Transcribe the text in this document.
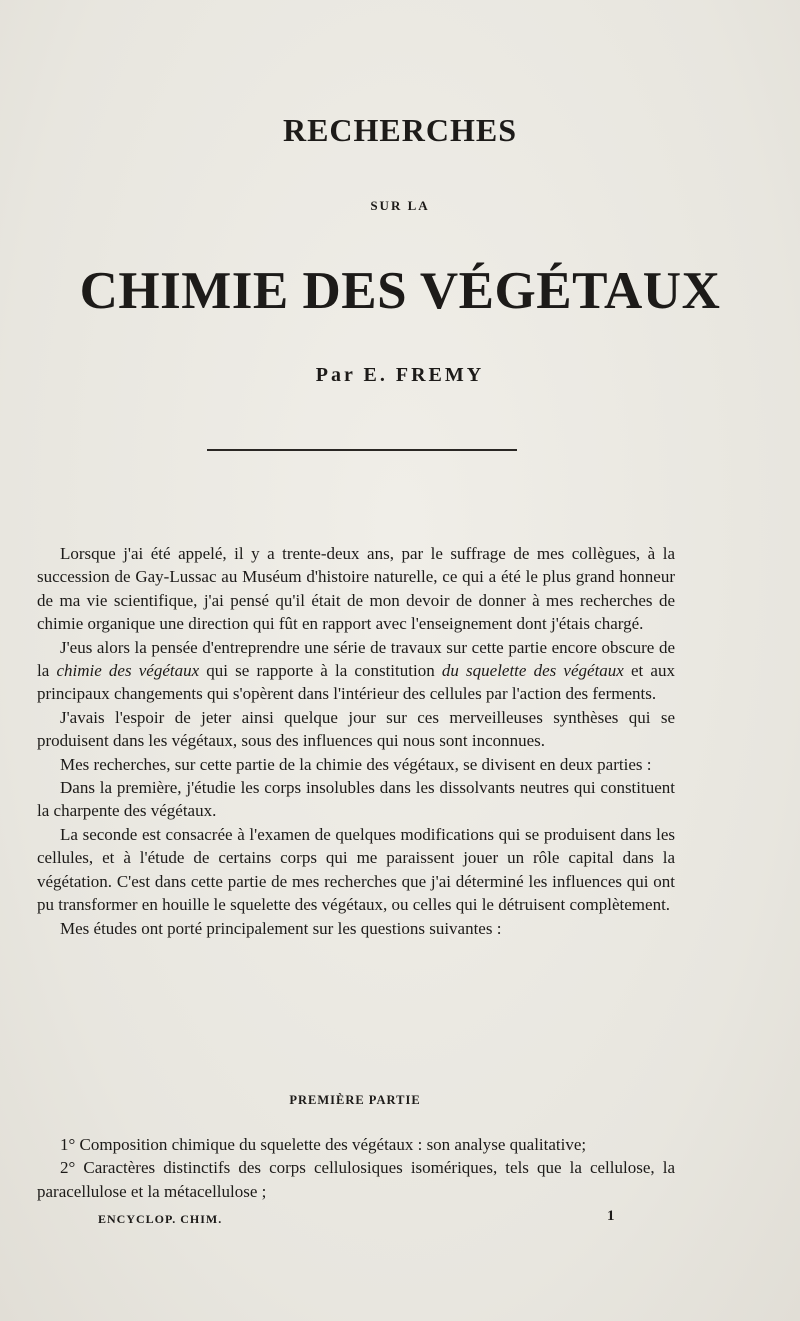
RECHERCHES
SUR LA
CHIMIE DES VÉGÉTAUX
Par E. FREMY

Lorsque j'ai été appelé, il y a trente-deux ans, par le suffrage de mes collègues, à la succession de Gay-Lussac au Muséum d'histoire naturelle, ce qui a été le plus grand honneur de ma vie scientifique, j'ai pensé qu'il était de mon devoir de donner à mes recherches de chimie organique une direction qui fût en rapport avec l'enseignement dont j'étais chargé.

J'eus alors la pensée d'entreprendre une série de travaux sur cette partie encore obscure de la chimie des végétaux qui se rapporte à la constitution du squelette des végétaux et aux principaux changements qui s'opèrent dans l'intérieur des cellules par l'action des ferments.

J'avais l'espoir de jeter ainsi quelque jour sur ces merveilleuses synthèses qui se produisent dans les végétaux, sous des influences qui nous sont inconnues.

Mes recherches, sur cette partie de la chimie des végétaux, se divisent en deux parties :

Dans la première, j'étudie les corps insolubles dans les dissolvants neutres qui constituent la charpente des végétaux.

La seconde est consacrée à l'examen de quelques modifications qui se produisent dans les cellules, et à l'étude de certains corps qui me paraissent jouer un rôle capital dans la végétation. C'est dans cette partie de mes recherches que j'ai déterminé les influences qui ont pu transformer en houille le squelette des végétaux, ou celles qui le détruisent complètement.

Mes études ont porté principalement sur les questions suivantes :

PREMIÈRE PARTIE

1° Composition chimique du squelette des végétaux : son analyse qualitative;

2° Caractères distinctifs des corps cellulosiques isomériques, tels que la cellulose, la paracellulose et la métacellulose ;

ENCYCLOP. CHIM.	1
